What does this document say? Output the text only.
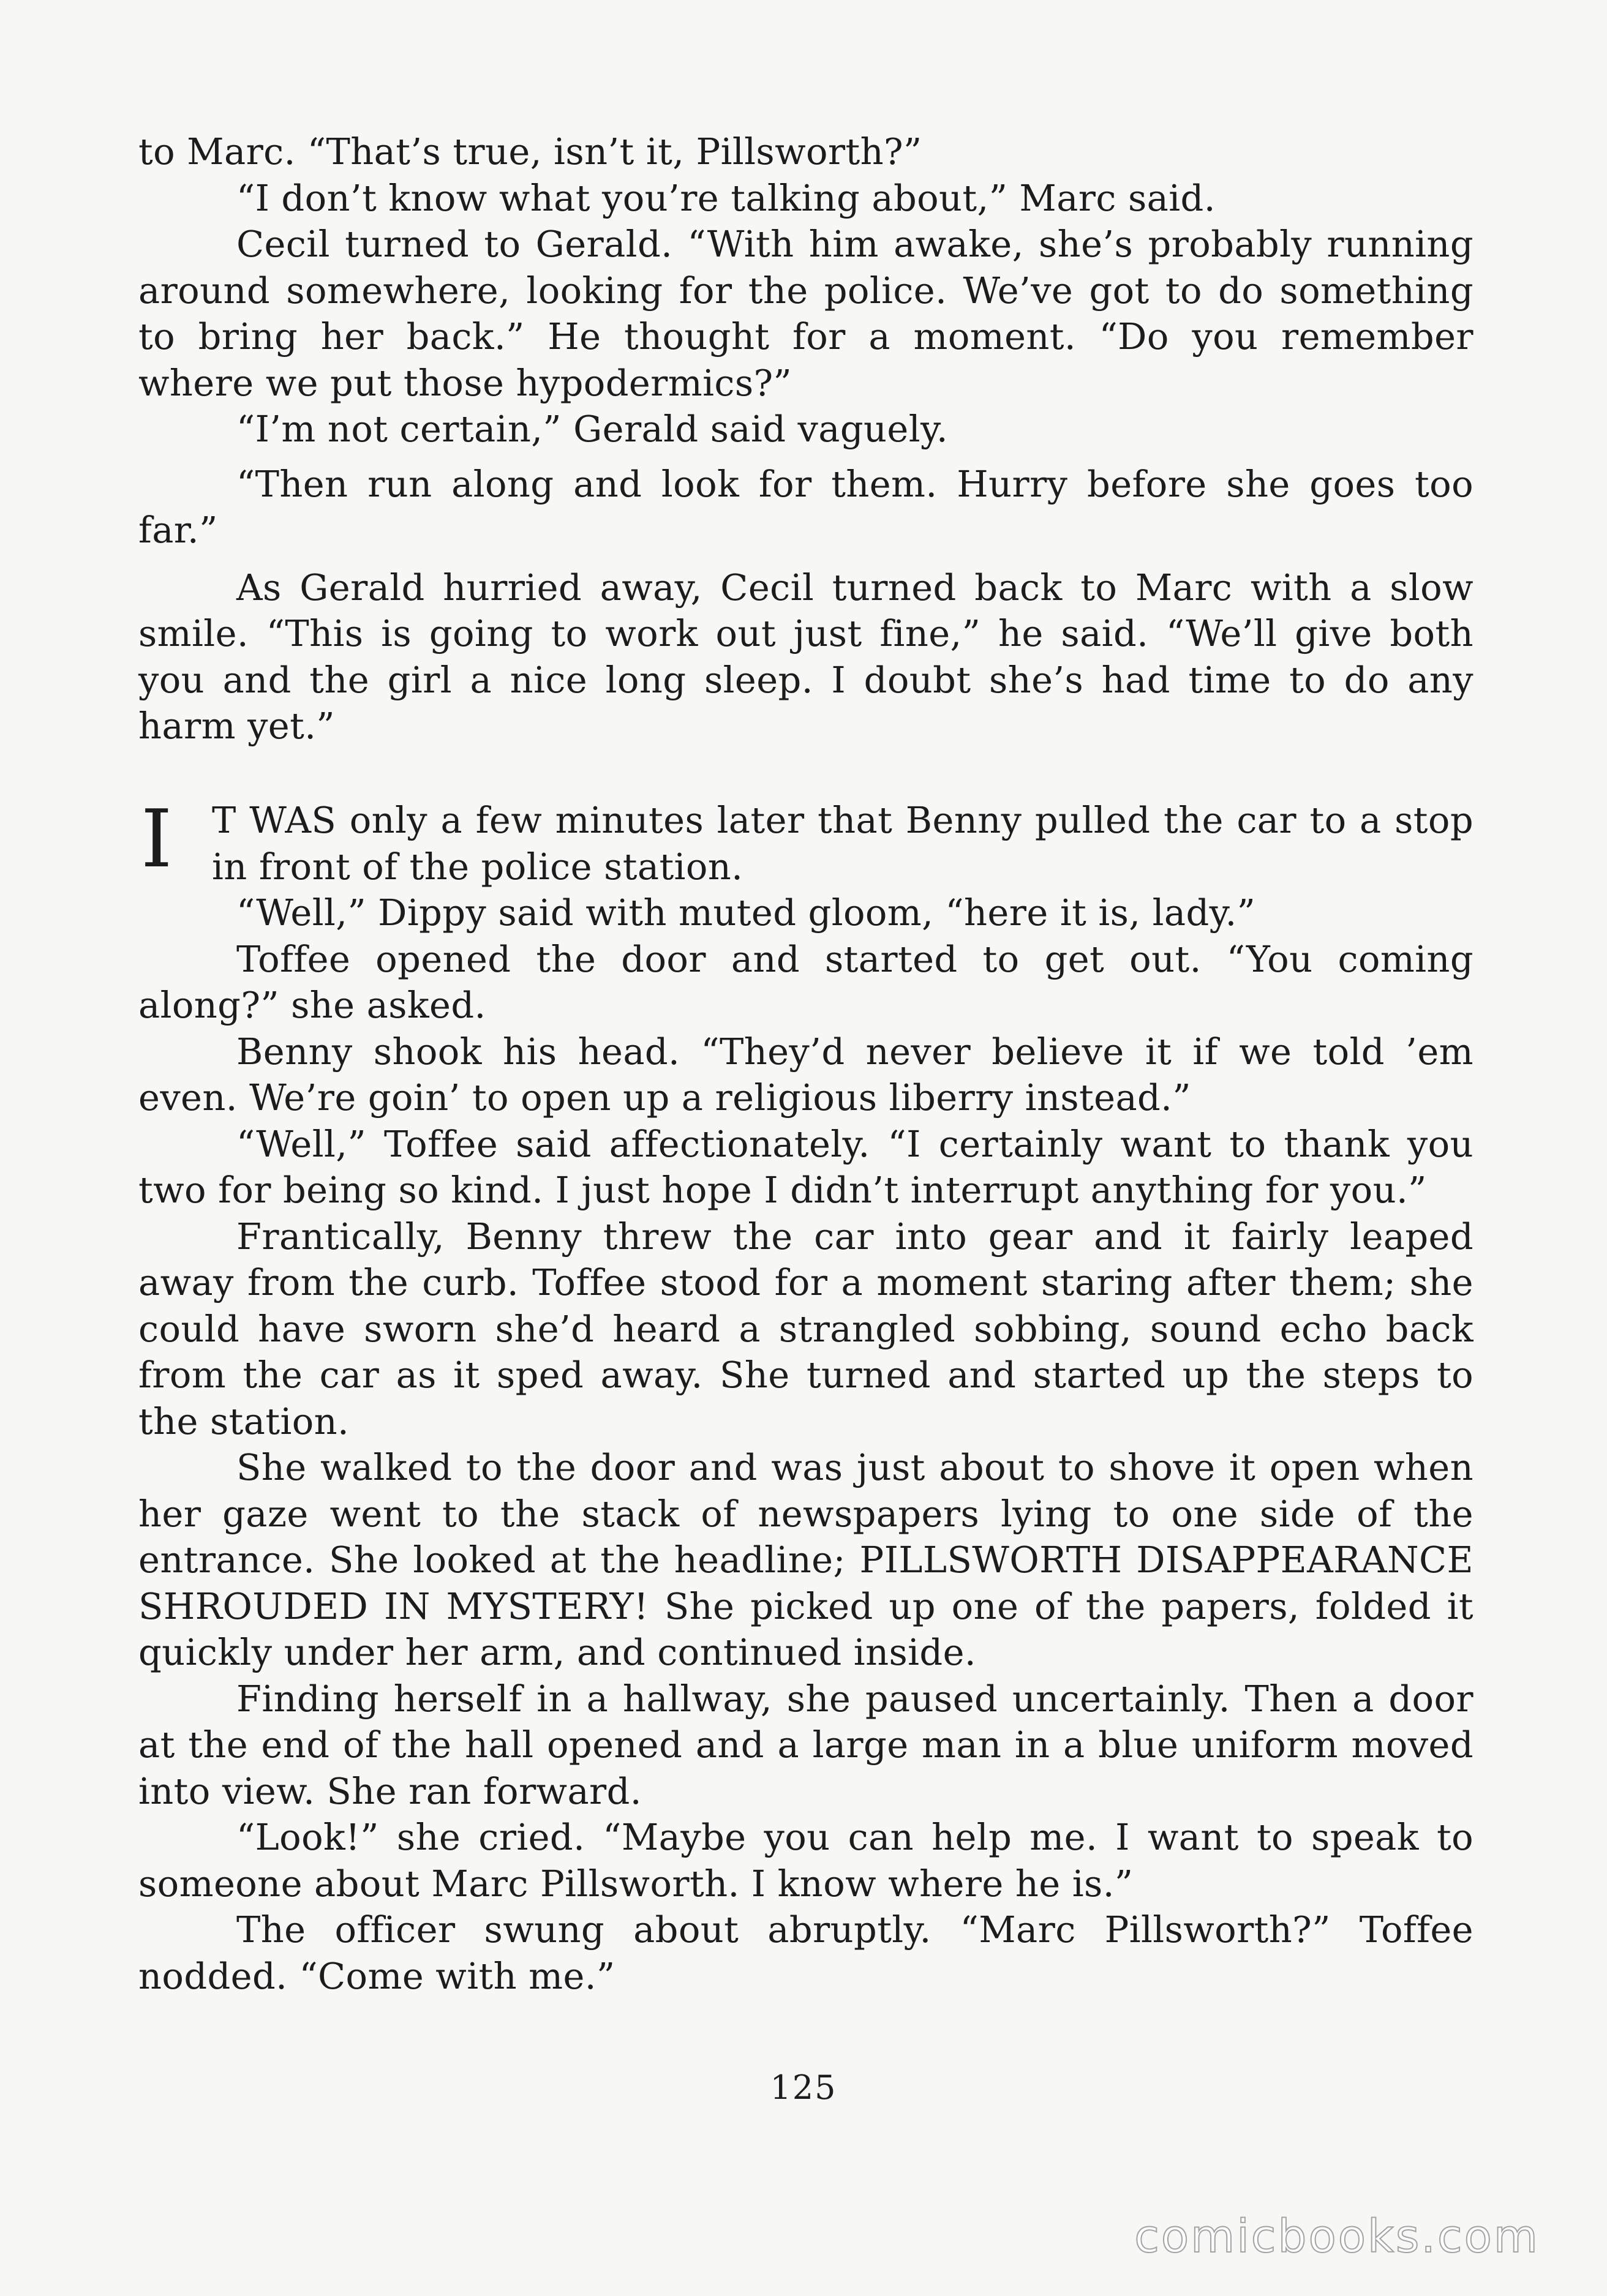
to Marc. “That’s true, isn’t it, Pillsworth?”

“I don’t know what you’re talking about,” Marc said.

Cecil turned to Gerald. “With him awake, she’s probably running around somewhere, looking for the police. We’ve got to do something to bring her back.” He thought for a moment. “Do you remember where we put those hypodermics?”

“I’m not certain,” Gerald said vaguely.

“Then run along and look for them. Hurry before she goes too far.”

As Gerald hurried away, Cecil turned back to Marc with a slow smile. “This is going to work out just fine,” he said. “We’ll give both you and the girl a nice long sleep. I doubt she’s had time to do any harm yet.”

I T WAS only a few minutes later that Benny pulled the car to a stop in front of the police station.

“Well,” Dippy said with muted gloom, “here it is, lady.”

Toffee opened the door and started to get out. “You coming along?” she asked.

Benny shook his head. “They’d never believe it if we told ’em even. We’re goin’ to open up a religious liberry instead.”

“Well,” Toffee said affectionately. “I certainly want to thank you two for being so kind. I just hope I didn’t interrupt anything for you.”

Frantically, Benny threw the car into gear and it fairly leaped away from the curb. Toffee stood for a moment staring after them; she could have sworn she’d heard a strangled sobbing, sound echo back from the car as it sped away. She turned and started up the steps to the station.

She walked to the door and was just about to shove it open when her gaze went to the stack of newspapers lying to one side of the entrance. She looked at the headline; PILLSWORTH DISAPPEARANCE SHROUDED IN MYSTERY! She picked up one of the papers, folded it quickly under her arm, and continued inside.

Finding herself in a hallway, she paused uncertainly. Then a door at the end of the hall opened and a large man in a blue uniform moved into view. She ran forward.

“Look!” she cried. “Maybe you can help me. I want to speak to someone about Marc Pillsworth. I know where he is.”

The officer swung about abruptly. “Marc Pillsworth?” Toffee nodded. “Come with me.”

125
comicbooks.com
